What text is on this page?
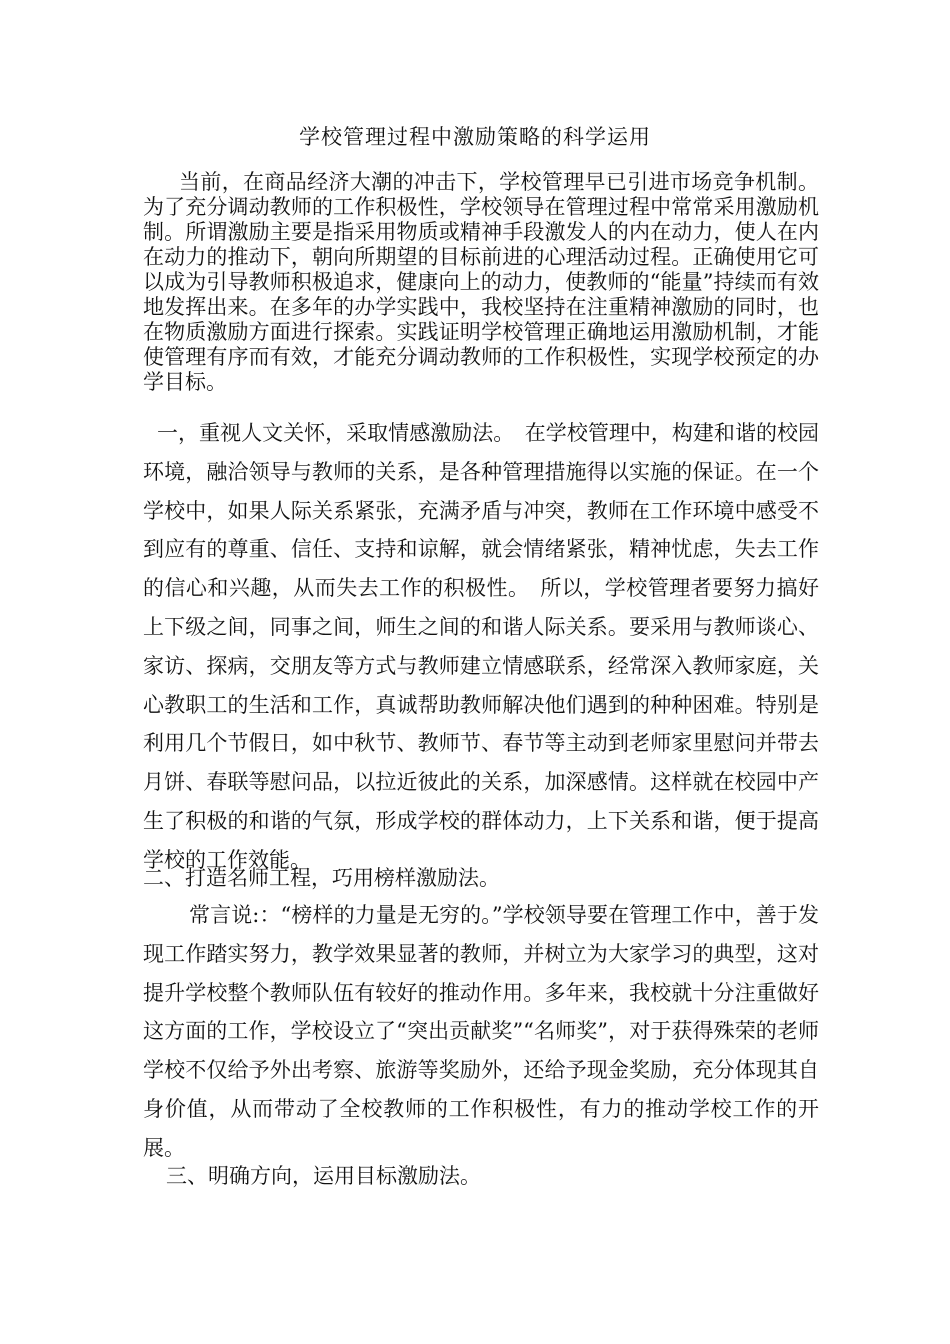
学校管理过程中激励策略的科学运用

当前，在商品经济大潮的冲击下，学校管理早已引进市场竞争机制。为了充分调动教师的工作积极性，学校领导在管理过程中常常采用激励机制。所谓激励主要是指采用物质或精神手段激发人的内在动力，使人在内在动力的推动下，朝向所期望的目标前进的心理活动过程。正确使用它可以成为引导教师积极追求，健康向上的动力，使教师的“能量”持续而有效地发挥出来。在多年的办学实践中，我校坚持在注重精神激励的同时，也在物质激励方面进行探索。实践证明学校管理正确地运用激励机制，才能使管理有序而有效，才能充分调动教师的工作积极性，实现学校预定的办学目标。

一，重视人文关怀，采取情感激励法。　在学校管理中，构建和谐的校园环境，融洽领导与教师的关系，是各种管理措施得以实施的保证。在一个学校中，如果人际关系紧张，充满矛盾与冲突，教师在工作环境中感受不到应有的尊重、信任、支持和谅解，就会情绪紧张，精神忧虑，失去工作的信心和兴趣，从而失去工作的积极性。　所以，学校管理者要努力搞好上下级之间，同事之间，师生之间的和谐人际关系。要采用与教师谈心、家访、探病，交朋友等方式与教师建立情感联系，经常深入教师家庭，关心教职工的生活和工作，真诚帮助教师解决他们遇到的种种困难。特别是利用几个节假日，如中秋节、教师节、春节等主动到老师家里慰问并带去月饼、春联等慰问品，以拉近彼此的关系，加深感情。这样就在校园中产生了积极的和谐的气氛，形成学校的群体动力，上下关系和谐，便于提高学校的工作效能。

二、打造名师工程，巧用榜样激励法。

常言说:：“榜样的力量是无穷的。”学校领导要在管理工作中，善于发现工作踏实努力，教学效果显著的教师，并树立为大家学习的典型，这对提升学校整个教师队伍有较好的推动作用。多年来，我校就十分注重做好这方面的工作，学校设立了“突出贡献奖”“名师奖”，对于获得殊荣的老师学校不仅给予外出考察、旅游等奖励外，还给予现金奖励，充分体现其自身价值，从而带动了全校教师的工作积极性，有力的推动学校工作的开展。

三、明确方向，运用目标激励法。
